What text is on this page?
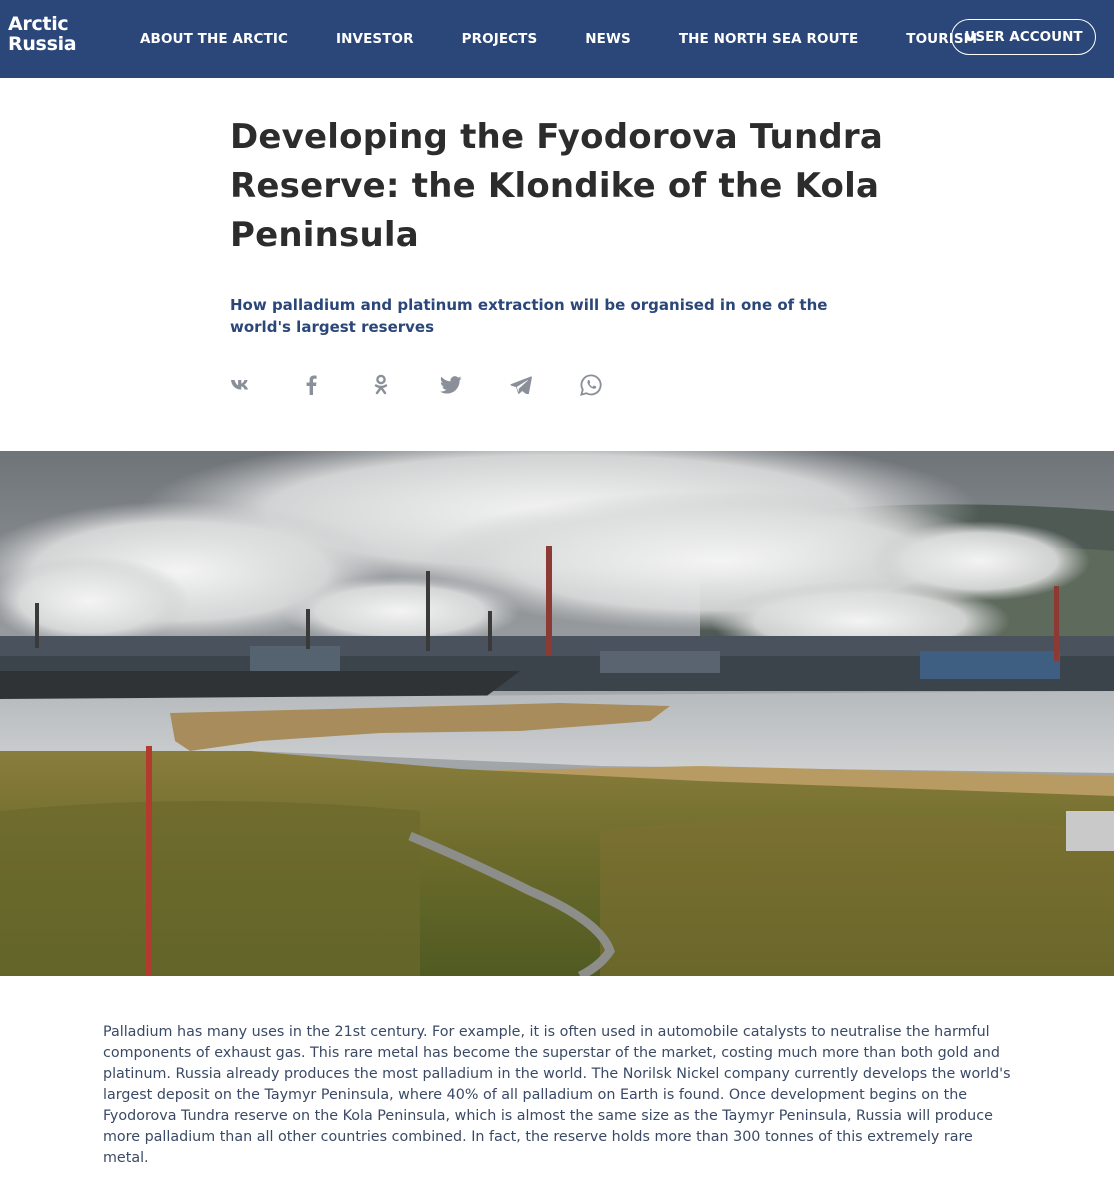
Arctic
Russia	ABOUT THE ARCTIC	INVESTOR	PROJECTS	NEWS	THE NORTH SEA ROUTE	TOURISM
USER ACCOUNT
Developing the Fyodorova Tundra Reserve: the Klondike of the Kola Peninsula

How palladium and platinum extraction will be organised in one of the world's largest reserves

Palladium has many uses in the 21st century. For example, it is often used in automobile catalysts to neutralise the harmful components of exhaust gas. This rare metal has become the superstar of the market, costing much more than both gold and platinum. Russia already produces the most palladium in the world. The Norilsk Nickel company currently develops the world's largest deposit on the Taymyr Peninsula, where 40% of all palladium on Earth is found. Once development begins on the Fyodorova Tundra reserve on the Kola Peninsula, which is almost the same size as the Taymyr Peninsula, Russia will produce more palladium than all other countries combined. In fact, the reserve holds more than 300 tonnes of this extremely rare metal.
